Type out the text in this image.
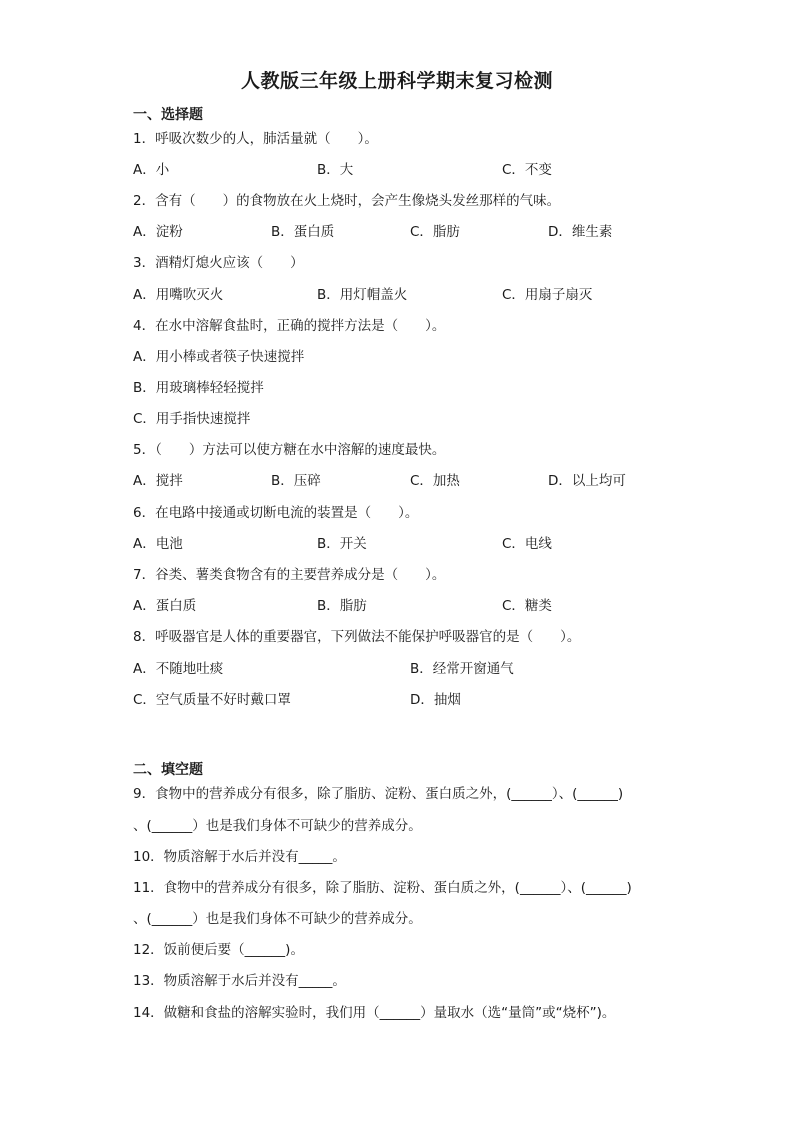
人教版三年级上册科学期末复习检测
一、选择题
1．呼吸次数少的人，肺活量就（　　）。
A．小	B．大	C．不变
2．含有（　　）的食物放在火上烧时，会产生像烧头发丝那样的气味。
A．淀粉	B．蛋白质	C．脂肪	D．维生素
3．酒精灯熄火应该（　　）
A．用嘴吹灭火	B．用灯帽盖火	C．用扇子扇灭
4．在水中溶解食盐时，正确的搅拌方法是（　　）。
A．用小棒或者筷子快速搅拌
B．用玻璃棒轻轻搅拌
C．用手指快速搅拌
5．（　　）方法可以使方糖在水中溶解的速度最快。
A．搅拌	B．压碎	C．加热	D．以上均可
6．在电路中接通或切断电流的装置是（　　）。
A．电池	B．开关	C．电线
7．谷类、薯类食物含有的主要营养成分是（　　）。
A．蛋白质	B．脂肪	C．糖类
8．呼吸器官是人体的重要器官，下列做法不能保护呼吸器官的是（　　）。
A．不随地吐痰	B．经常开窗通气
C．空气质量不好时戴口罩	D．抽烟
二、填空题
9．食物中的营养成分有很多，除了脂肪、淀粉、蛋白质之外，(______）、(______)
、(______）也是我们身体不可缺少的营养成分。
10．物质溶解于水后并没有_____。
11．食物中的营养成分有很多，除了脂肪、淀粉、蛋白质之外，(______）、(______)
、(______）也是我们身体不可缺少的营养成分。
12．饭前便后要（______)。
13．物质溶解于水后并没有_____。
14．做糖和食盐的溶解实验时，我们用（______）量取水（选“量筒”或“烧杯”)。
